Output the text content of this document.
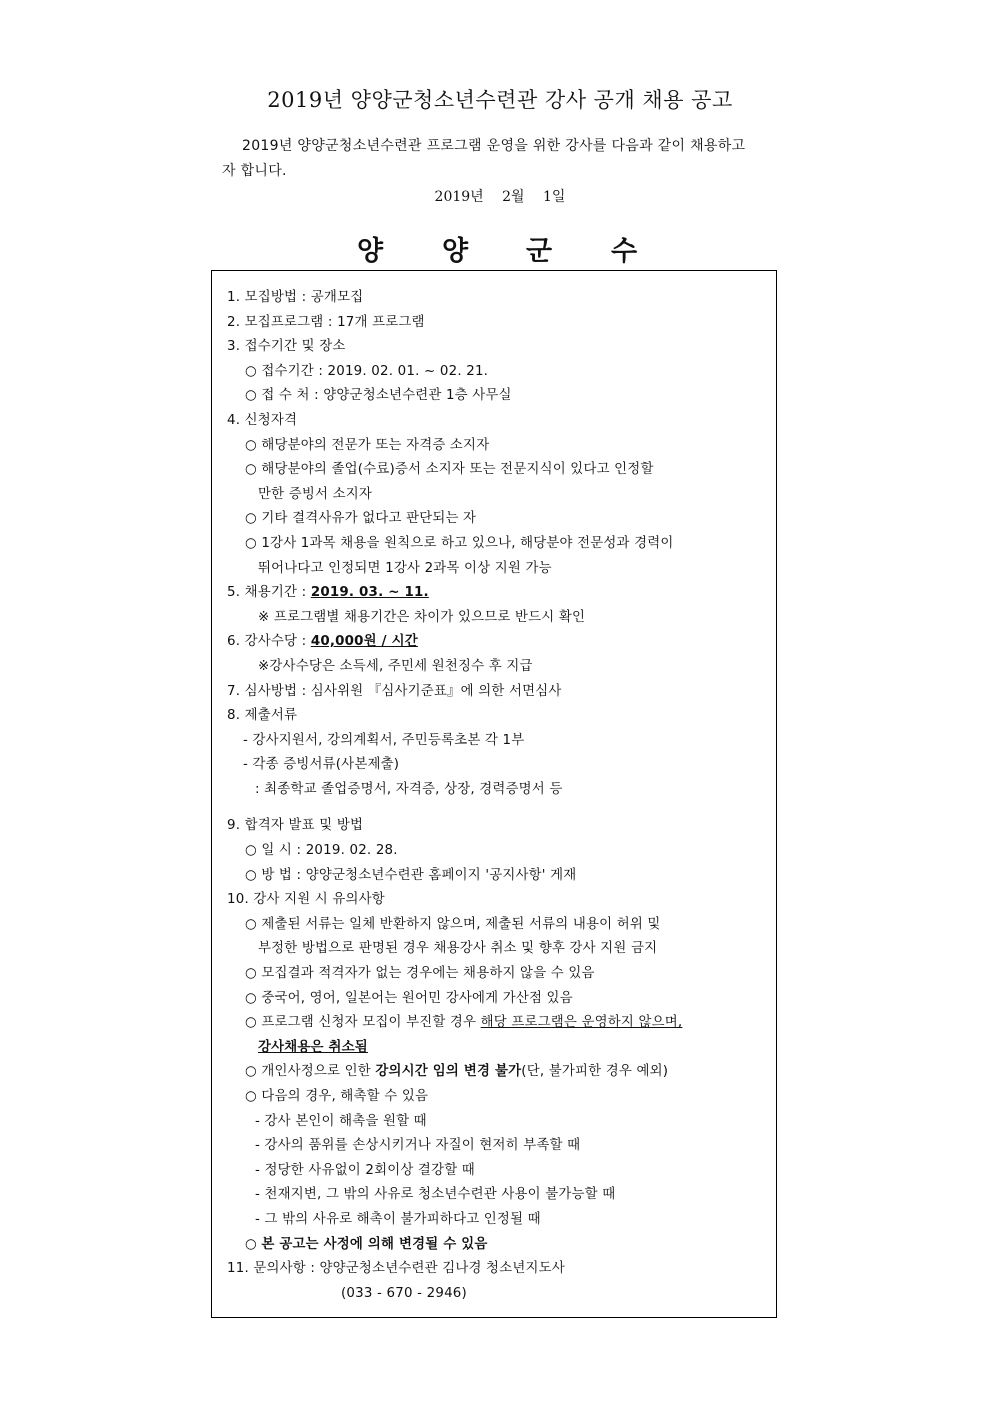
2019년 양양군청소년수련관 강사 공개 채용 공고
2019년 양양군청소년수련관 프로그램 운영을 위한 강사를 다음과 같이 채용하고자 합니다.
2019년 2월 1일
양 양 군 수
1. 모집방법 : 공개모집
2. 모집프로그램 : 17개 프로그램
3. 접수기간 및 장소
○ 접수기간 : 2019. 02. 01. ~ 02. 21.
○ 접 수 처 : 양양군청소년수련관 1층 사무실
4. 신청자격
○ 해당분야의 전문가 또는 자격증 소지자
○ 해당분야의 졸업(수료)증서 소지자 또는 전문지식이 있다고 인정할
만한 증빙서 소지자
○ 기타 결격사유가 없다고 판단되는 자
○ 1강사 1과목 채용을 원칙으로 하고 있으나, 해당분야 전문성과 경력이
뛰어나다고 인정되면 1강사 2과목 이상 지원 가능
5. 채용기간 : 2019. 03. ~ 11.
※ 프로그램별 채용기간은 차이가 있으므로 반드시 확인
6. 강사수당 : 40,000원 / 시간
※강사수당은 소득세, 주민세 원천징수 후 지급
7. 심사방법 : 심사위원 『심사기준표』에 의한 서면심사
8. 제출서류
- 강사지원서, 강의계획서, 주민등록초본 각 1부
- 각종 증빙서류(사본제출)
: 최종학교 졸업증명서, 자격증, 상장, 경력증명서 등
9. 합격자 발표 및 방법
○ 일 시 : 2019. 02. 28.
○ 방 법 : 양양군청소년수련관 홈페이지 '공지사항' 게재
10. 강사 지원 시 유의사항
○ 제출된 서류는 일체 반환하지 않으며, 제출된 서류의 내용이 허위 및
부정한 방법으로 판명된 경우 채용강사 취소 및 향후 강사 지원 금지
○ 모집결과 적격자가 없는 경우에는 채용하지 않을 수 있음
○ 중국어, 영어, 일본어는 원어민 강사에게 가산점 있음
○ 프로그램 신청자 모집이 부진할 경우 해당 프로그램은 운영하지 않으며,
강사채용은 취소됨
○ 개인사정으로 인한 강의시간 임의 변경 불가(단, 불가피한 경우 예외)
○ 다음의 경우, 해촉할 수 있음
- 강사 본인이 해촉을 원할 때
- 강사의 품위를 손상시키거나 자질이 현저히 부족할 때
- 정당한 사유없이 2회이상 결강할 때
- 천재지변, 그 밖의 사유로 청소년수련관 사용이 불가능할 때
- 그 밖의 사유로 해촉이 불가피하다고 인정될 때
○ 본 공고는 사정에 의해 변경될 수 있음
11. 문의사항 : 양양군청소년수련관 김나경 청소년지도사
(033 - 670 - 2946)
